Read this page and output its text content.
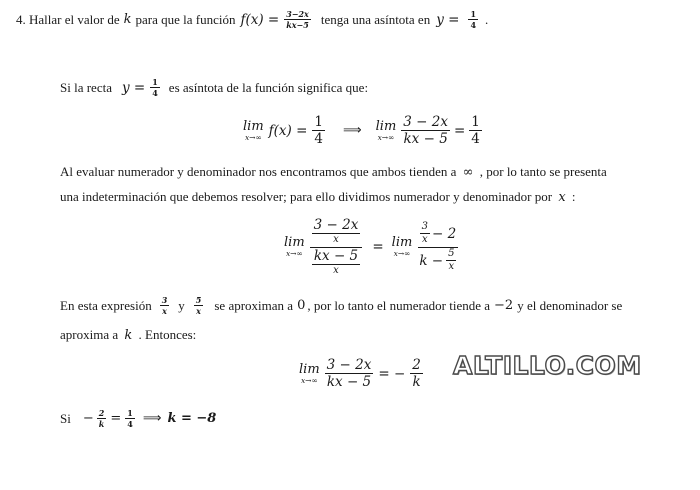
4. Hallar el valor de k para que la función $f(x) = \frac{3-2x}{kx-5}$ tenga una asíntota en $y = \frac{1}{4}$ .
Si la recta $y = \frac{1}{4}$ es asíntota de la función significa que:
lim
x→∞ $f(x) = \frac{1}{4}$ ⟹ lim
$x\to\infty \frac{3 - 2x}{kx - 5} = \frac{1}{4}$
Al evaluar numerador y denominador nos encontramos que ambos tienden a ∞ , por lo tanto se presenta
una indeterminación que debemos resolver; para ello dividimos numerador y denominador por x :
lim
$x\to\infty \frac{\frac{3 - 2x}{x}}{\frac{kx - 5}{x}} = \lim$
$x\to\infty \frac{\frac{3}{x} - 2}{k - \frac{5}{x}}$
En esta expresión $\frac{3}{x}$ y $\frac{5}{x}$ se aproximan a 0 , por lo tanto el numerador tiende a −2 y el denominador se
aproxima a k . Entonces:
lim
$x\to\infty \frac{3 - 2x}{kx - 5}$ = − $\frac{2}{k}$ ALTILLO.COM
$Si - \frac{2}{k} = \frac{1}{4}$ ⟹ k = −8
